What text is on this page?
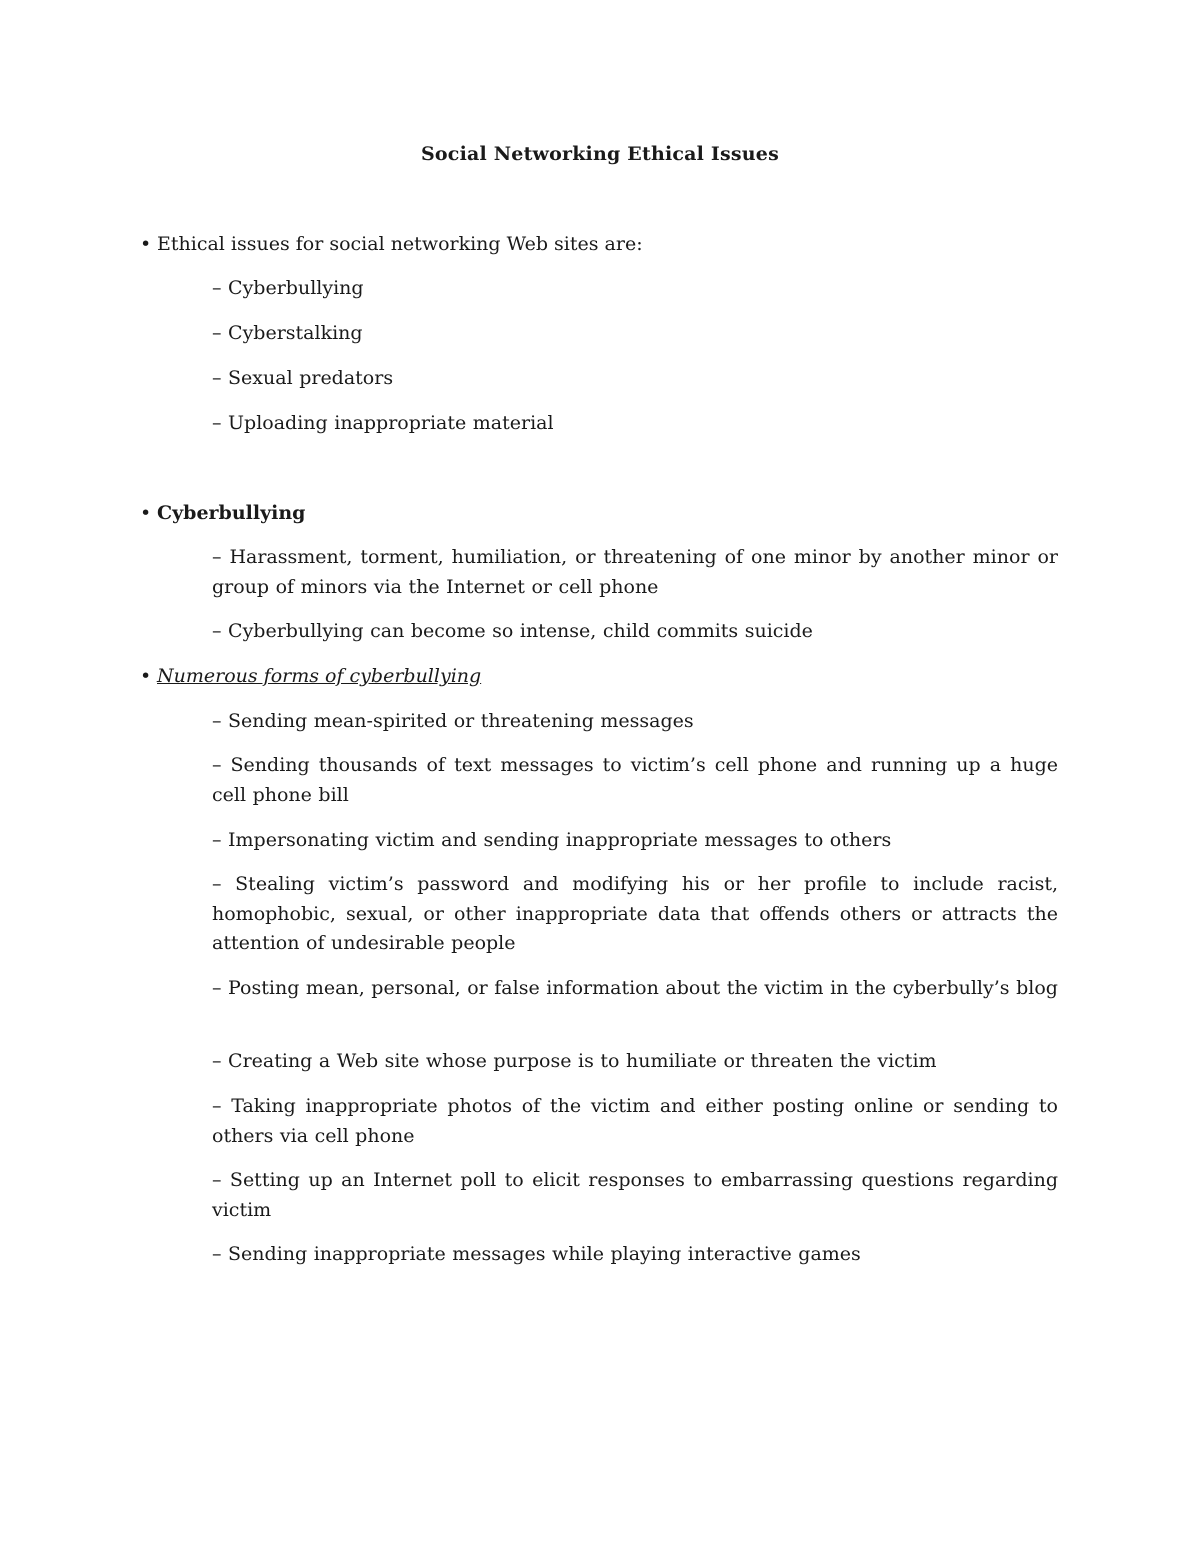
Social Networking Ethical Issues
• Ethical issues for social networking Web sites are:
– Cyberbullying
– Cyberstalking
– Sexual predators
– Uploading inappropriate material
• Cyberbullying
– Harassment, torment, humiliation, or threatening of one minor by another minor or group of minors via the Internet or cell phone
– Cyberbullying can become so intense, child commits suicide
• Numerous forms of cyberbullying
– Sending mean-spirited or threatening messages
– Sending thousands of text messages to victim’s cell phone and running up a huge cell phone bill
– Impersonating victim and sending inappropriate messages to others
– Stealing victim’s password and modifying his or her profile to include racist, homophobic, sexual, or other inappropriate data that offends others or attracts the attention of undesirable people
– Posting mean, personal, or false information about the victim in the cyberbully’s blog
– Creating a Web site whose purpose is to humiliate or threaten the victim
– Taking inappropriate photos of the victim and either posting online or sending to others via cell phone
– Setting up an Internet poll to elicit responses to embarrassing questions regarding victim
– Sending inappropriate messages while playing interactive games
